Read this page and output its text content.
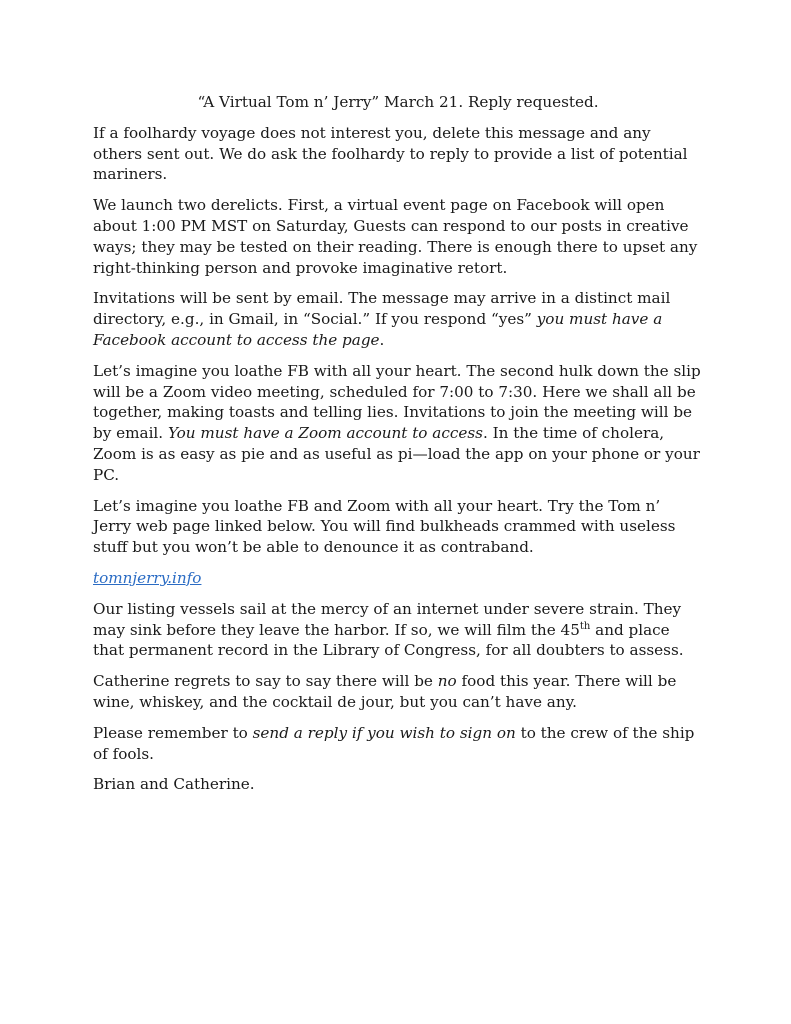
“A Virtual Tom n’ Jerry” March 21. Reply requested.

If a foolhardy voyage does not interest you, delete this message and any others sent out. We do ask the foolhardy to reply to provide a list of potential mariners.

We launch two derelicts. First, a virtual event page on Facebook will open about 1:00 PM MST on Saturday, Guests can respond to our posts in creative ways; they may be tested on their reading. There is enough there to upset any right-thinking person and provoke imaginative retort.

Invitations will be sent by email. The message may arrive in a distinct mail directory, e.g., in Gmail, in “Social.” If you respond “yes” you must have a Facebook account to access the page.

Let’s imagine you loathe FB with all your heart. The second hulk down the slip will be a Zoom video meeting, scheduled for 7:00 to 7:30. Here we shall all be together, making toasts and telling lies. Invitations to join the meeting will be by email. You must have a Zoom account to access. In the time of cholera, Zoom is as easy as pie and as useful as pi—load the app on your phone or your PC.

Let’s imagine you loathe FB and Zoom with all your heart. Try the Tom n’ Jerry web page linked below. You will find bulkheads crammed with useless stuff but you won’t be able to denounce it as contraband.

tomnjerry.info

Our listing vessels sail at the mercy of an internet under severe strain. They may sink before they leave the harbor. If so, we will film the 45th and place that permanent record in the Library of Congress, for all doubters to assess.

Catherine regrets to say to say there will be no food this year. There will be wine, whiskey, and the cocktail de jour, but you can’t have any.

Please remember to send a reply if you wish to sign on to the crew of the ship of fools.

Brian and Catherine.
